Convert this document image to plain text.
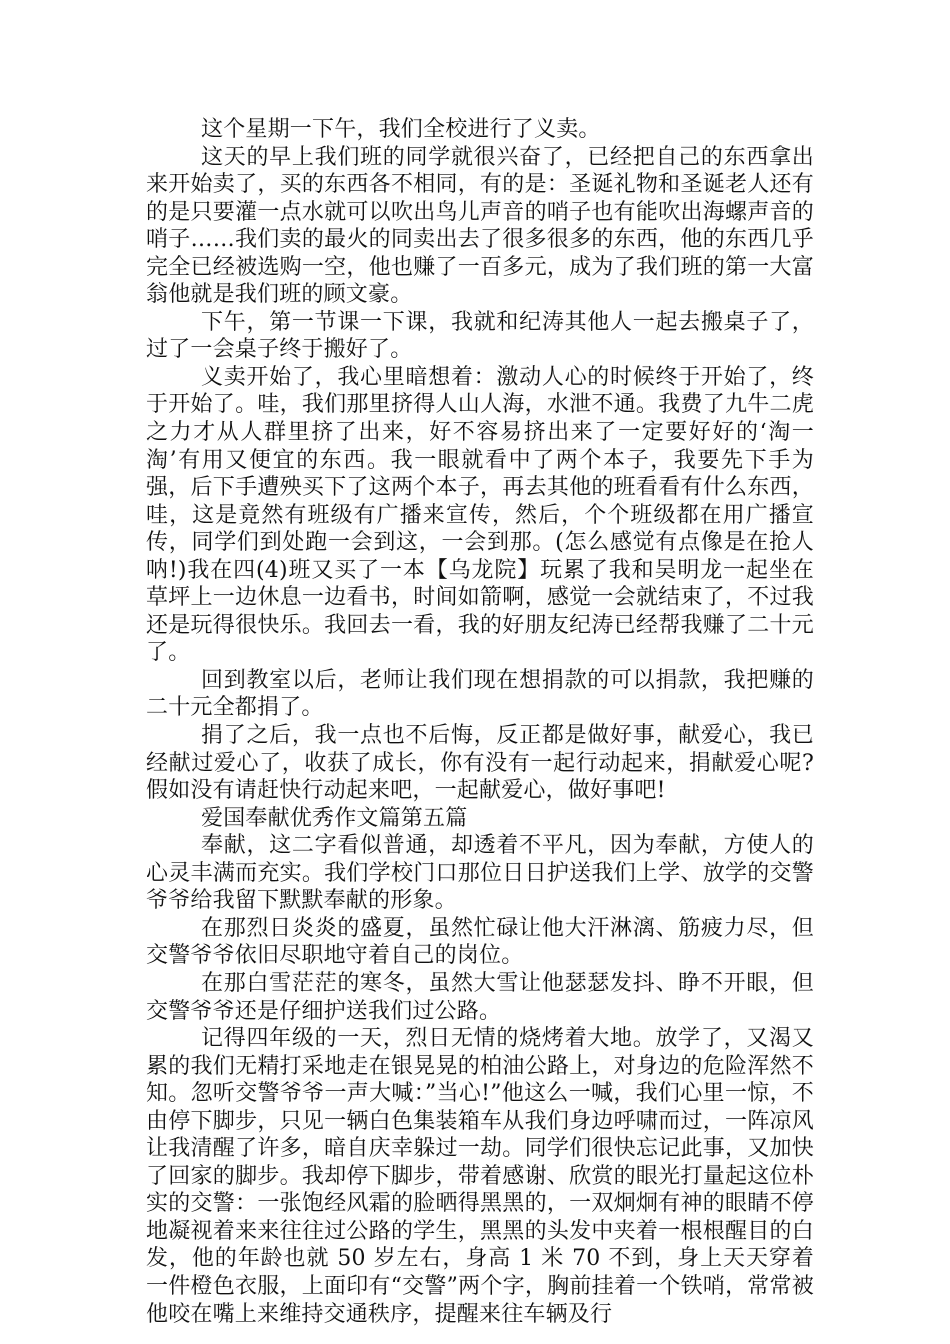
这个星期一下午，我们全校进行了义卖。

这天的早上我们班的同学就很兴奋了，已经把自己的东西拿出来开始卖了，买的东西各不相同，有的是：圣诞礼物和圣诞老人还有的是只要灌一点水就可以吹出鸟儿声音的哨子也有能吹出海螺声音的哨子……我们卖的最火的同卖出去了很多很多的东西，他的东西几乎完全已经被选购一空，他也赚了一百多元，成为了我们班的第一大富翁他就是我们班的顾文豪。

下午，第一节课一下课，我就和纪涛其他人一起去搬桌子了，过了一会桌子终于搬好了。

义卖开始了，我心里暗想着：激动人心的时候终于开始了，终于开始了。哇，我们那里挤得人山人海，水泄不通。我费了九牛二虎之力才从人群里挤了出来，好不容易挤出来了一定要好好的‘淘一淘’有用又便宜的东西。我一眼就看中了两个本子，我要先下手为强，后下手遭殃买下了这两个本子，再去其他的班看看有什么东西，哇，这是竟然有班级有广播来宣传，然后，个个班级都在用广播宣传，同学们到处跑一会到这，一会到那。(怎么感觉有点像是在抢人呐!)我在四(4)班又买了一本【乌龙院】玩累了我和吴明龙一起坐在草坪上一边休息一边看书，时间如箭啊，感觉一会就结束了，不过我还是玩得很快乐。我回去一看，我的好朋友纪涛已经帮我赚了二十元了。

回到教室以后，老师让我们现在想捐款的可以捐款，我把赚的二十元全都捐了。

捐了之后，我一点也不后悔，反正都是做好事，献爱心，我已经献过爱心了，收获了成长，你有没有一起行动起来，捐献爱心呢?假如没有请赶快行动起来吧，一起献爱心，做好事吧!

爱国奉献优秀作文篇第五篇

奉献，这二字看似普通，却透着不平凡，因为奉献，方使人的心灵丰满而充实。我们学校门口那位日日护送我们上学、放学的交警爷爷给我留下默默奉献的形象。

在那烈日炎炎的盛夏，虽然忙碌让他大汗淋漓、筋疲力尽，但交警爷爷依旧尽职地守着自己的岗位。

在那白雪茫茫的寒冬，虽然大雪让他瑟瑟发抖、睁不开眼，但交警爷爷还是仔细护送我们过公路。

记得四年级的一天，烈日无情的烧烤着大地。放学了，又渴又累的我们无精打采地走在银晃晃的柏油公路上，对身边的危险浑然不知。忽听交警爷爷一声大喊：”当心!”他这么一喊，我们心里一惊，不由停下脚步，只见一辆白色集装箱车从我们身边呼啸而过，一阵凉风让我清醒了许多，暗自庆幸躲过一劫。同学们很快忘记此事，又加快了回家的脚步。我却停下脚步，带着感谢、欣赏的眼光打量起这位朴实的交警：一张饱经风霜的脸晒得黑黑的，一双炯炯有神的眼睛不停地凝视着来来往往过公路的学生，黑黑的头发中夹着一根根醒目的白发，他的年龄也就 50 岁左右，身高 1 米 70 不到，身上天天穿着一件橙色衣服，上面印有“交警”两个字，胸前挂着一个铁哨，常常被他咬在嘴上来维持交通秩序，提醒来往车辆及行
